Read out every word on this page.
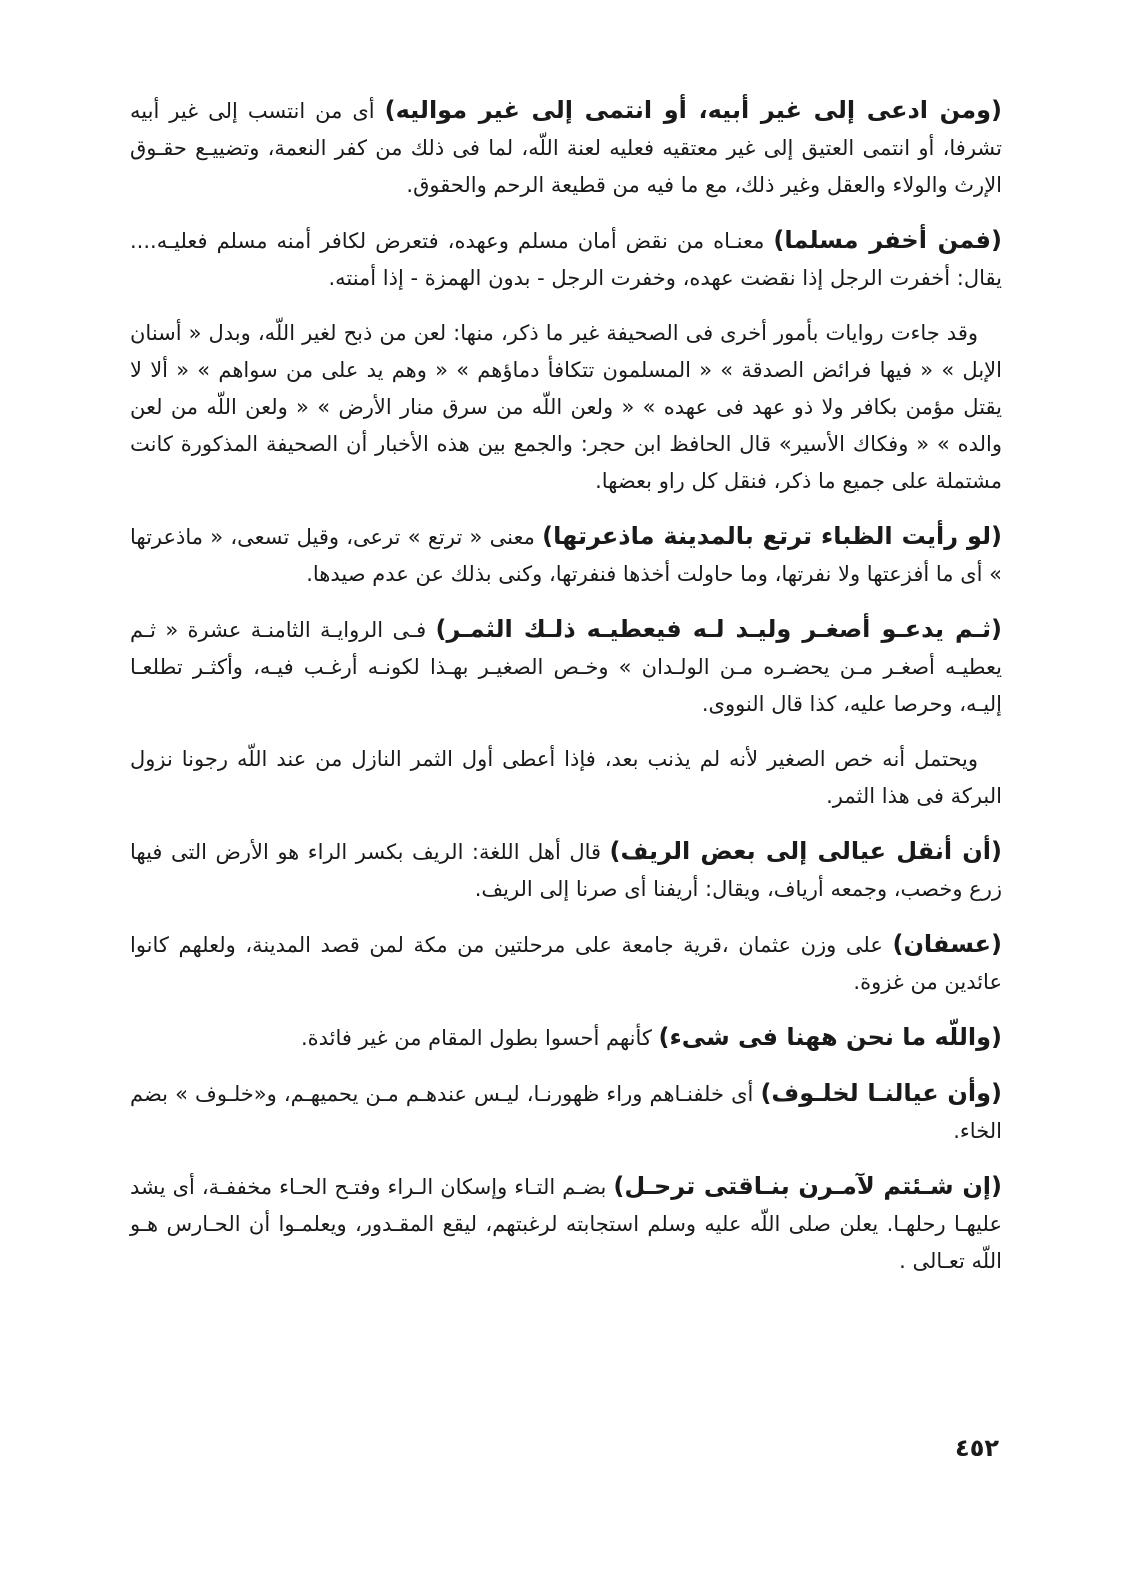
(ومن ادعى إلى غير أبيه، أو انتمى إلى غير مواليه) أى من انتسب إلى غير أبيه تشرفا، أو انتمى العتيق إلى غير معتقيه فعليه لعنة اللّه، لما فى ذلك من كفر النعمة، وتضييـع حقـوق الإرث والولاء والعقل وغير ذلك، مع ما فيه من قطيعة الرحم والحقوق.

(فمن أخفر مسلما) معنـاه من نقض أمان مسلم وعهده، فتعرض لكافر أمنه مسلم فعليـه.... يقال: أخفرت الرجل إذا نقضت عهده، وخفرت الرجل - بدون الهمزة - إذا أمنته.

وقد جاءت روايات بأمور أخرى فى الصحيفة غير ما ذكر، منها: لعن من ذبح لغير اللّه، وبدل « أسنان الإبل » « فيها فرائض الصدقة » « المسلمون تتكافأ دماؤهم » « وهم يد على من سواهم » « ألا لا يقتل مؤمن بكافر ولا ذو عهد فى عهده » « ولعن اللّه من سرق منار الأرض » « ولعن اللّه من لعن والده » « وفكاك الأسير» قال الحافظ ابن حجر: والجمع بين هذه الأخبار أن الصحيفة المذكورة كانت مشتملة على جميع ما ذكر، فنقل كل راو بعضها.

(لو رأيت الظباء ترتع بالمدينة ماذعرتها) معنى « ترتع » ترعى، وقيل تسعى، « ماذعرتها » أى ما أفزعتها ولا نفرتها، وما حاولت أخذها فنفرتها، وكنى بذلك عن عدم صيدها.

(ثـم يدعـو أصغـر وليـد لـه فيعطيـه ذلـك الثمـر) فـى الروايـة الثامنـة عشرة « ثـم يعطيـه أصغـر مـن يحضـره مـن الولـدان » وخـص الصغيـر بهـذا لكونـه أرغـب فيـه، وأكثـر تطلعـا إليـه، وحرصا عليه، كذا قال النووى.

ويحتمل أنه خص الصغير لأنه لم يذنب بعد، فإذا أعطى أول الثمر النازل من عند اللّه رجونا نزول البركة فى هذا الثمر.

(أن أنقل عيالى إلى بعض الريف) قال أهل اللغة: الريف بكسر الراء هو الأرض التى فيها زرع وخصب، وجمعه أرياف، ويقال: أريفنا أى صرنا إلى الريف.

(عسفان) على وزن عثمان ،قرية جامعة على مرحلتين من مكة لمن قصد المدينة، ولعلهم كانوا عائدين من غزوة.

(واللّه ما نحن ههنا فى شىء) كأنهم أحسوا بطول المقام من غير فائدة.

(وأن عيالنـا لخلـوف) أى خلفنـاهم وراء ظهورنـا، ليـس عندهـم مـن يحميهـم، و«خلـوف » بضم الخاء.

(إن شـئتم لآمـرن بنـاقتى ترحـل) بضـم التـاء وإسكان الـراء وفتـح الحـاء مخففـة، أى يشد عليهـا رحلهـا. يعلن صلى اللّه عليه وسلم استجابته لرغبتهم، ليقع المقـدور، ويعلمـوا أن الحـارس هـو اللّه تعـالى .

٤٥٢
